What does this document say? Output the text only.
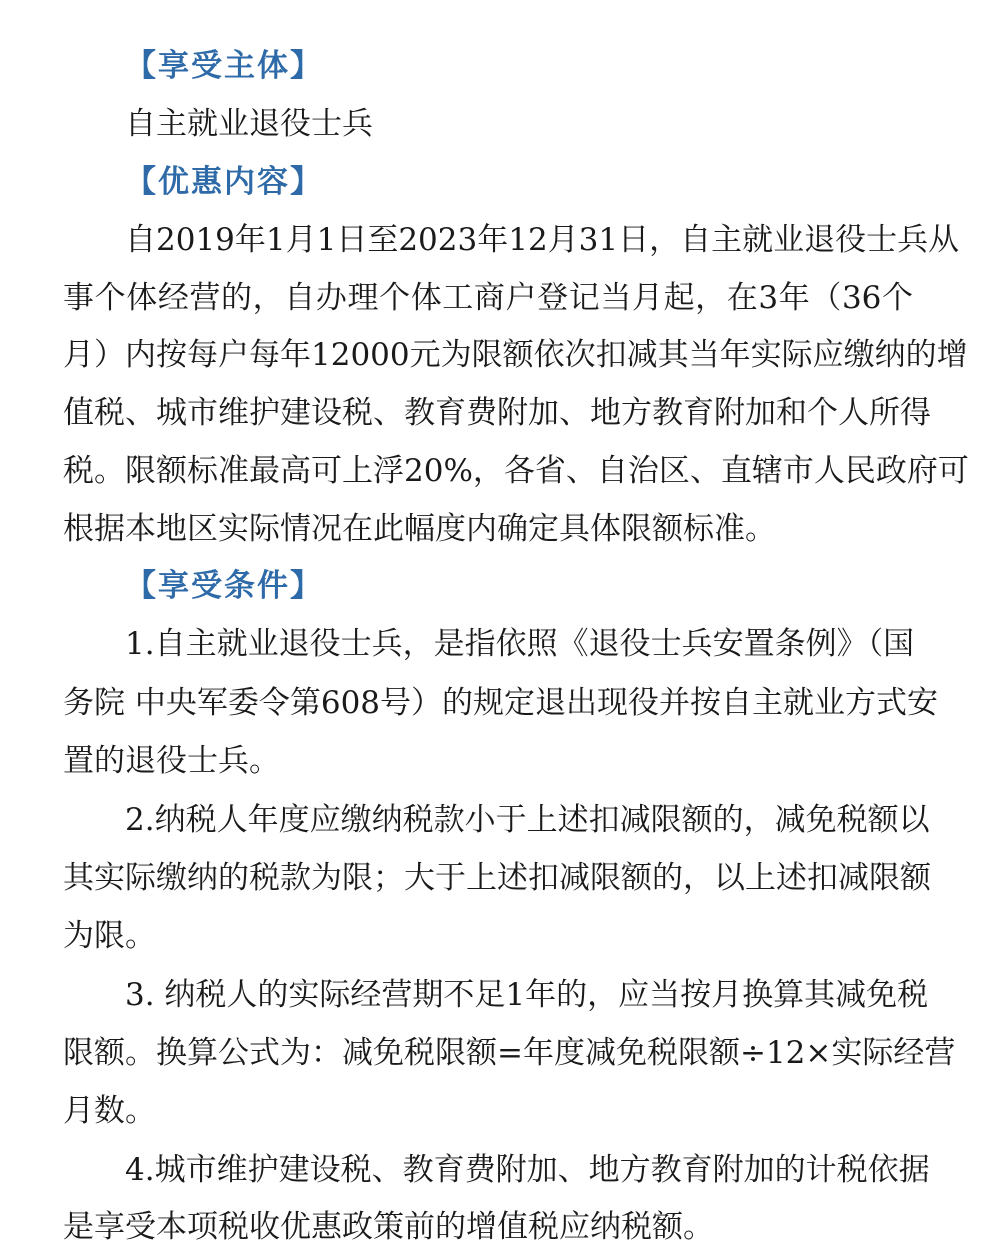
【享受主体】
自主就业退役士兵
【优惠内容】
自2019年1月1日至2023年12月31日，自主就业退役士兵从
事个体经营的，自办理个体工商户登记当月起，在3年（36个
月）内按每户每年12000元为限额依次扣减其当年实际应缴纳的增
值税、城市维护建设税、教育费附加、地方教育附加和个人所得
税。限额标准最高可上浮20%，各省、自治区、直辖市人民政府可
根据本地区实际情况在此幅度内确定具体限额标准。
【享受条件】
1.自主就业退役士兵，是指依照《退役士兵安置条例》（国
务院 中央军委令第608号）的规定退出现役并按自主就业方式安
置的退役士兵。
2.纳税人年度应缴纳税款小于上述扣减限额的，减免税额以
其实际缴纳的税款为限；大于上述扣减限额的，以上述扣减限额
为限。
3. 纳税人的实际经营期不足1年的，应当按月换算其减免税
限额。换算公式为：减免税限额=年度减免税限额÷12×实际经营
月数。
4.城市维护建设税、教育费附加、地方教育附加的计税依据
是享受本项税收优惠政策前的增值税应纳税额。
